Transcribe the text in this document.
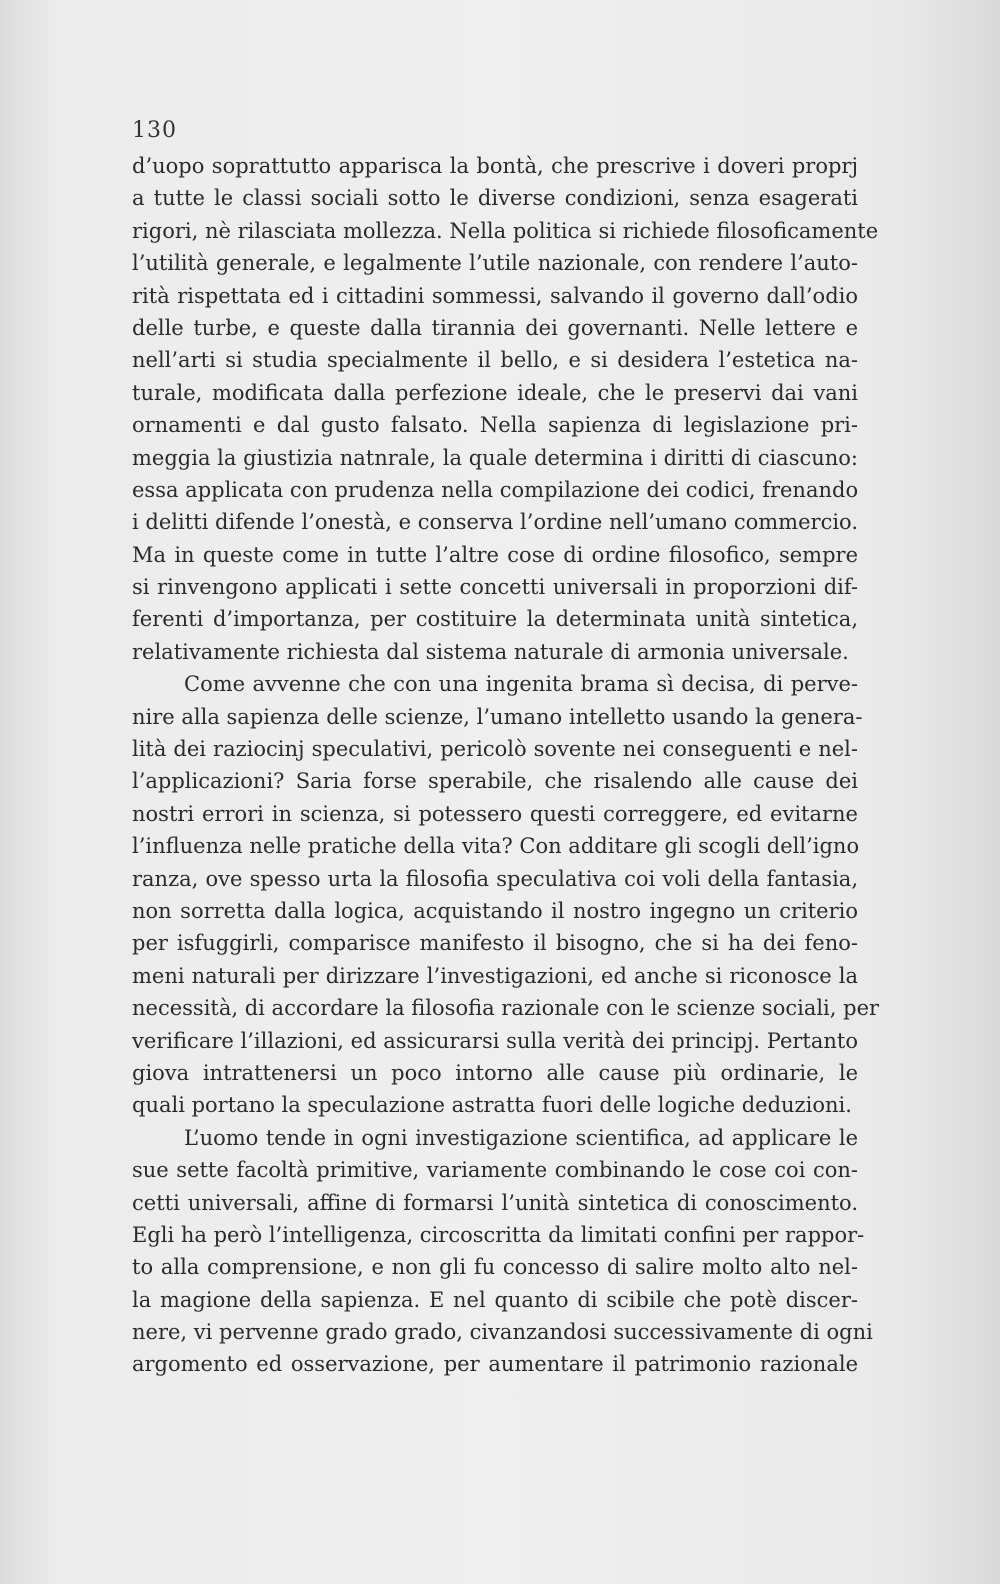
130
d’uopo soprattutto apparisca la bontà, che prescrive i doveri proprj
a tutte le classi sociali sotto le diverse condizioni, senza esagerati
rigori, nè rilasciata mollezza. Nella politica si richiede filosoficamente
l’utilità generale, e legalmente l’utile nazionale, con rendere l’auto-
rità rispettata ed i cittadini sommessi, salvando il governo dall’odio
delle turbe, e queste dalla tirannia dei governanti. Nelle lettere e
nell’arti si studia specialmente il bello, e si desidera l’estetica na-
turale, modificata dalla perfezione ideale, che le preservi dai vani
ornamenti e dal gusto falsato. Nella sapienza di legislazione pri-
meggia la giustizia natnrale, la quale determina i diritti di ciascuno:
essa applicata con prudenza nella compilazione dei codici, frenando
i delitti difende l’onestà, e conserva l’ordine nell’umano commercio.
Ma in queste come in tutte l’altre cose di ordine filosofico, sempre
si rinvengono applicati i sette concetti universali in proporzioni dif-
ferenti d’importanza, per costituire la determinata unità sintetica,
relativamente richiesta dal sistema naturale di armonia universale.
Come avvenne che con una ingenita brama sì decisa, di perve-
nire alla sapienza delle scienze, l’umano intelletto usando la genera-
lità dei raziocinj speculativi, pericolò sovente nei conseguenti e nel-
l’applicazioni? Saria forse sperabile, che risalendo alle cause dei
nostri errori in scienza, si potessero questi correggere, ed evitarne
l’influenza nelle pratiche della vita? Con additare gli scogli dell’igno
ranza, ove spesso urta la filosofia speculativa coi voli della fantasia,
non sorretta dalla logica, acquistando il nostro ingegno un criterio
per isfuggirli, comparisce manifesto il bisogno, che si ha dei feno-
meni naturali per dirizzare l’investigazioni, ed anche si riconosce la
necessità, di accordare la filosofia razionale con le scienze sociali, per
verificare l’illazioni, ed assicurarsi sulla verità dei principj. Pertanto
giova intrattenersi un poco intorno alle cause più ordinarie, le
quali portano la speculazione astratta fuori delle logiche deduzioni.
L’uomo tende in ogni investigazione scientifica, ad applicare le
sue sette facoltà primitive, variamente combinando le cose coi con-
cetti universali, affine di formarsi l’unità sintetica di conoscimento.
Egli ha però l’intelligenza, circoscritta da limitati confini per rappor-
to alla comprensione, e non gli fu concesso di salire molto alto nel-
la magione della sapienza. E nel quanto di scibile che potè discer-
nere, vi pervenne grado grado, civanzandosi successivamente di ogni
argomento ed osservazione, per aumentare il patrimonio razionale
